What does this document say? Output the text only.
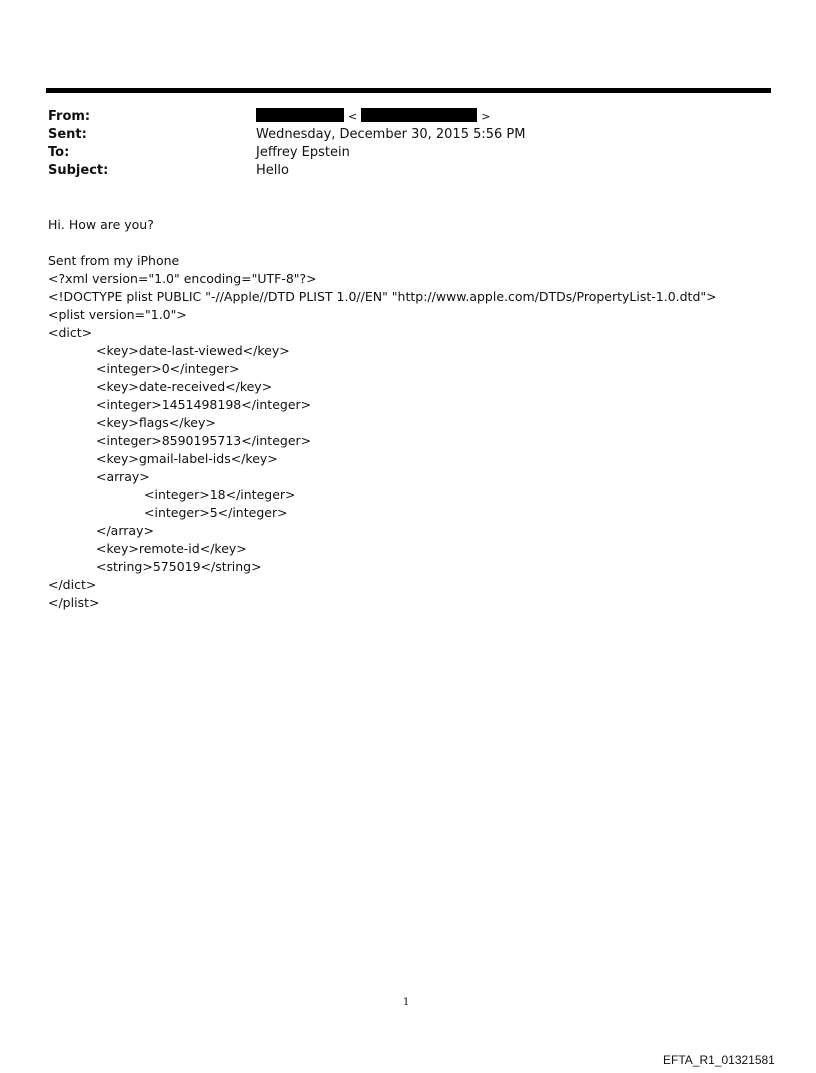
From:	<	>
Sent:	Wednesday, December 30, 2015 5:56 PM
To:	Jeffrey Epstein
Subject:	Hello
Hi. How are you?
Sent from my iPhone
<?xml version="1.0" encoding="UTF-8"?>
<!DOCTYPE plist PUBLIC "-//Apple//DTD PLIST 1.0//EN" "http://www.apple.com/DTDs/PropertyList-1.0.dtd">
<plist version="1.0">
<dict>
<key>date-last-viewed</key>
<integer>0</integer>
<key>date-received</key>
<integer>1451498198</integer>
<key>flags</key>
<integer>8590195713</integer>
<key>gmail-label-ids</key>
<array>
<integer>18</integer>
<integer>5</integer>
</array>
<key>remote-id</key>
<string>575019</string>
</dict>
</plist>
1
EFTA_R1_01321581
